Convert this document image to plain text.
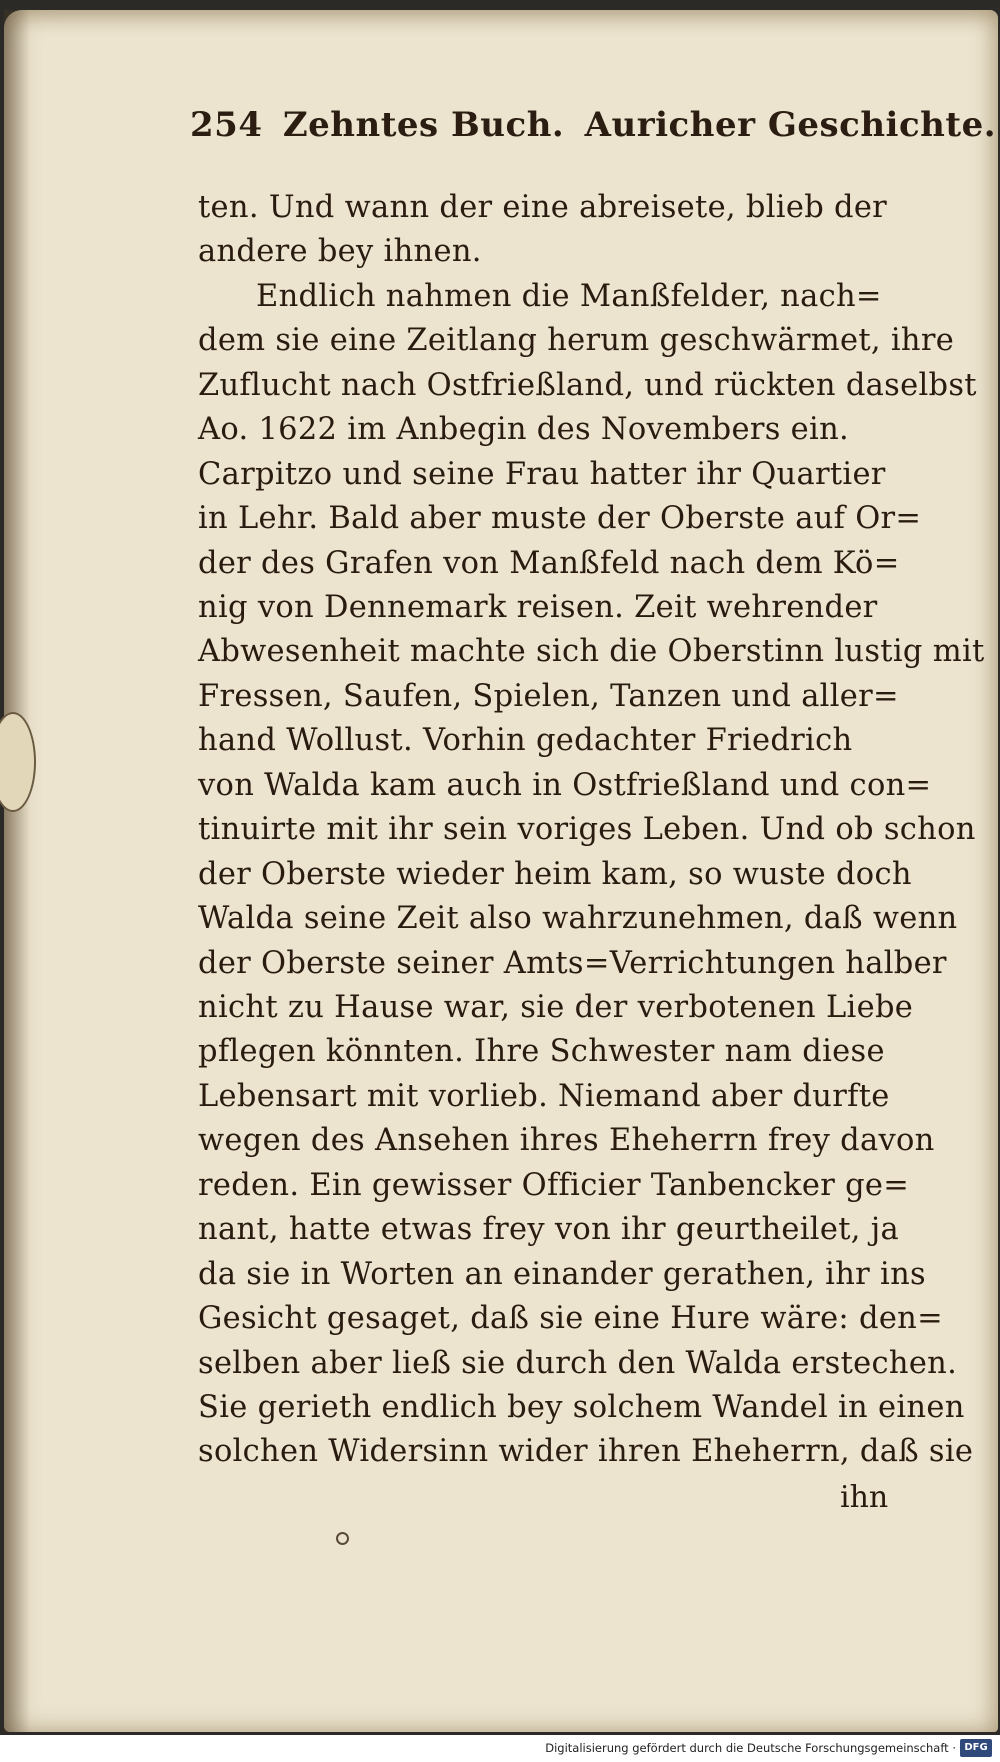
254 Zehntes Buch. Auricher Geschichte.
ten. Und wann der eine abreisete, blieb der
andere bey ihnen.
Endlich nahmen die Manßfelder, nach=
dem sie eine Zeitlang herum geschwärmet, ihre
Zuflucht nach Ostfrießland, und rückten daselbst
Ao. 1622 im Anbegin des Novembers ein.
Carpitzo und seine Frau hatter ihr Quartier
in Lehr. Bald aber muste der Oberste auf Or=
der des Grafen von Manßfeld nach dem Kö=
nig von Dennemark reisen. Zeit wehrender
Abwesenheit machte sich die Oberstinn lustig mit
Fressen, Saufen, Spielen, Tanzen und aller=
hand Wollust. Vorhin gedachter Friedrich
von Walda kam auch in Ostfrießland und con=
tinuirte mit ihr sein voriges Leben. Und ob schon
der Oberste wieder heim kam, so wuste doch
Walda seine Zeit also wahrzunehmen, daß wenn
der Oberste seiner Amts=Verrichtungen halber
nicht zu Hause war, sie der verbotenen Liebe
pflegen könnten. Ihre Schwester nam diese
Lebensart mit vorlieb. Niemand aber durfte
wegen des Ansehen ihres Eheherrn frey davon
reden. Ein gewisser Officier Tanbencker ge=
nant, hatte etwas frey von ihr geurtheilet, ja
da sie in Worten an einander gerathen, ihr ins
Gesicht gesaget, daß sie eine Hure wäre: den=
selben aber ließ sie durch den Walda erstechen.
Sie gerieth endlich bey solchem Wandel in einen
solchen Widersinn wider ihren Eheherrn, daß sie
ihn
Digitalisierung gefördert durch die Deutsche Forschungsgemeinschaft · DFG
